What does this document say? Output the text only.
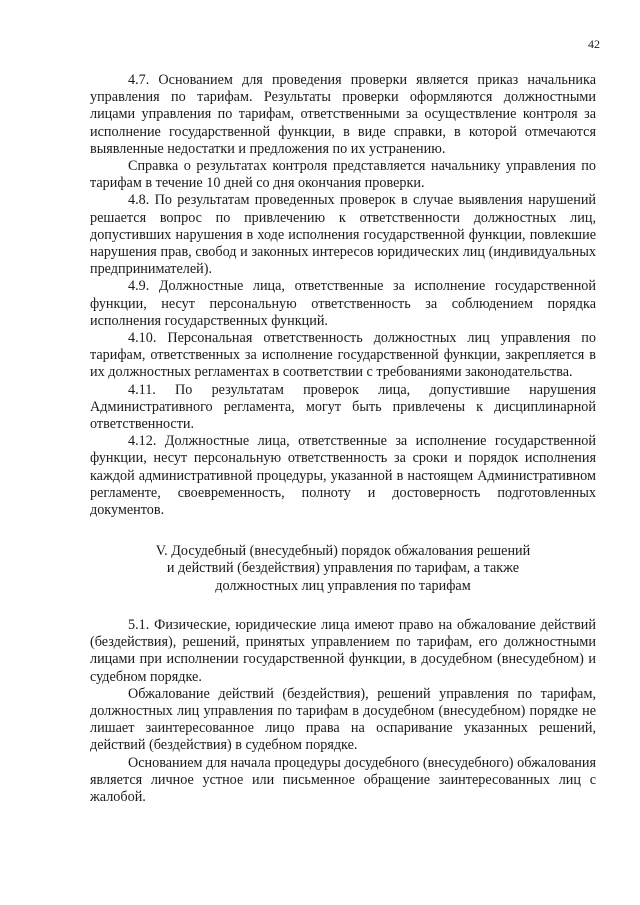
42

4.7. Основанием для проведения проверки является приказ начальника управления по тарифам. Результаты проверки оформляются должностными лицами управления по тарифам, ответственными за осуществление контроля за исполнение государственной функции, в виде справки, в которой отмечаются выявленные недостатки и предложения по их устранению.

Справка о результатах контроля представляется начальнику управления по тарифам в течение 10 дней со дня окончания проверки.

4.8. По результатам проведенных проверок в случае выявления нарушений решается вопрос по привлечению к ответственности должностных лиц, допустивших нарушения в ходе исполнения государственной функции, повлекшие нарушения прав, свобод и законных интересов юридических лиц (индивидуальных предпринимателей).

4.9. Должностные лица, ответственные за исполнение государственной функции, несут персональную ответственность за соблюдением порядка исполнения государственных функций.

4.10. Персональная ответственность должностных лиц управления по тарифам, ответственных за исполнение государственной функции, закрепляется в их должностных регламентах в соответствии с требованиями законодательства.

4.11. По результатам проверок лица, допустившие нарушения Административного регламента, могут быть привлечены к дисциплинарной ответственности.

4.12. Должностные лица, ответственные за исполнение государственной функции, несут персональную ответственность за сроки и порядок исполнения каждой административной процедуры, указанной в настоящем Административном регламенте, своевременность, полноту и достоверность подготовленных документов.

V. Досудебный (внесудебный) порядок обжалования решений
и действий (бездействия) управления по тарифам, а также
должностных лиц управления по тарифам

5.1. Физические, юридические лица имеют право на обжалование действий (бездействия), решений, принятых управлением по тарифам, его должностными лицами при исполнении государственной функции, в досудебном (внесудебном) и судебном порядке.

Обжалование действий (бездействия), решений управления по тарифам, должностных лиц управления по тарифам в досудебном (внесудебном) порядке не лишает заинтересованное лицо права на оспаривание указанных решений, действий (бездействия) в судебном порядке.

Основанием для начала процедуры досудебного (внесудебного) обжалования является личное устное или письменное обращение заинтересованных лиц с жалобой.
